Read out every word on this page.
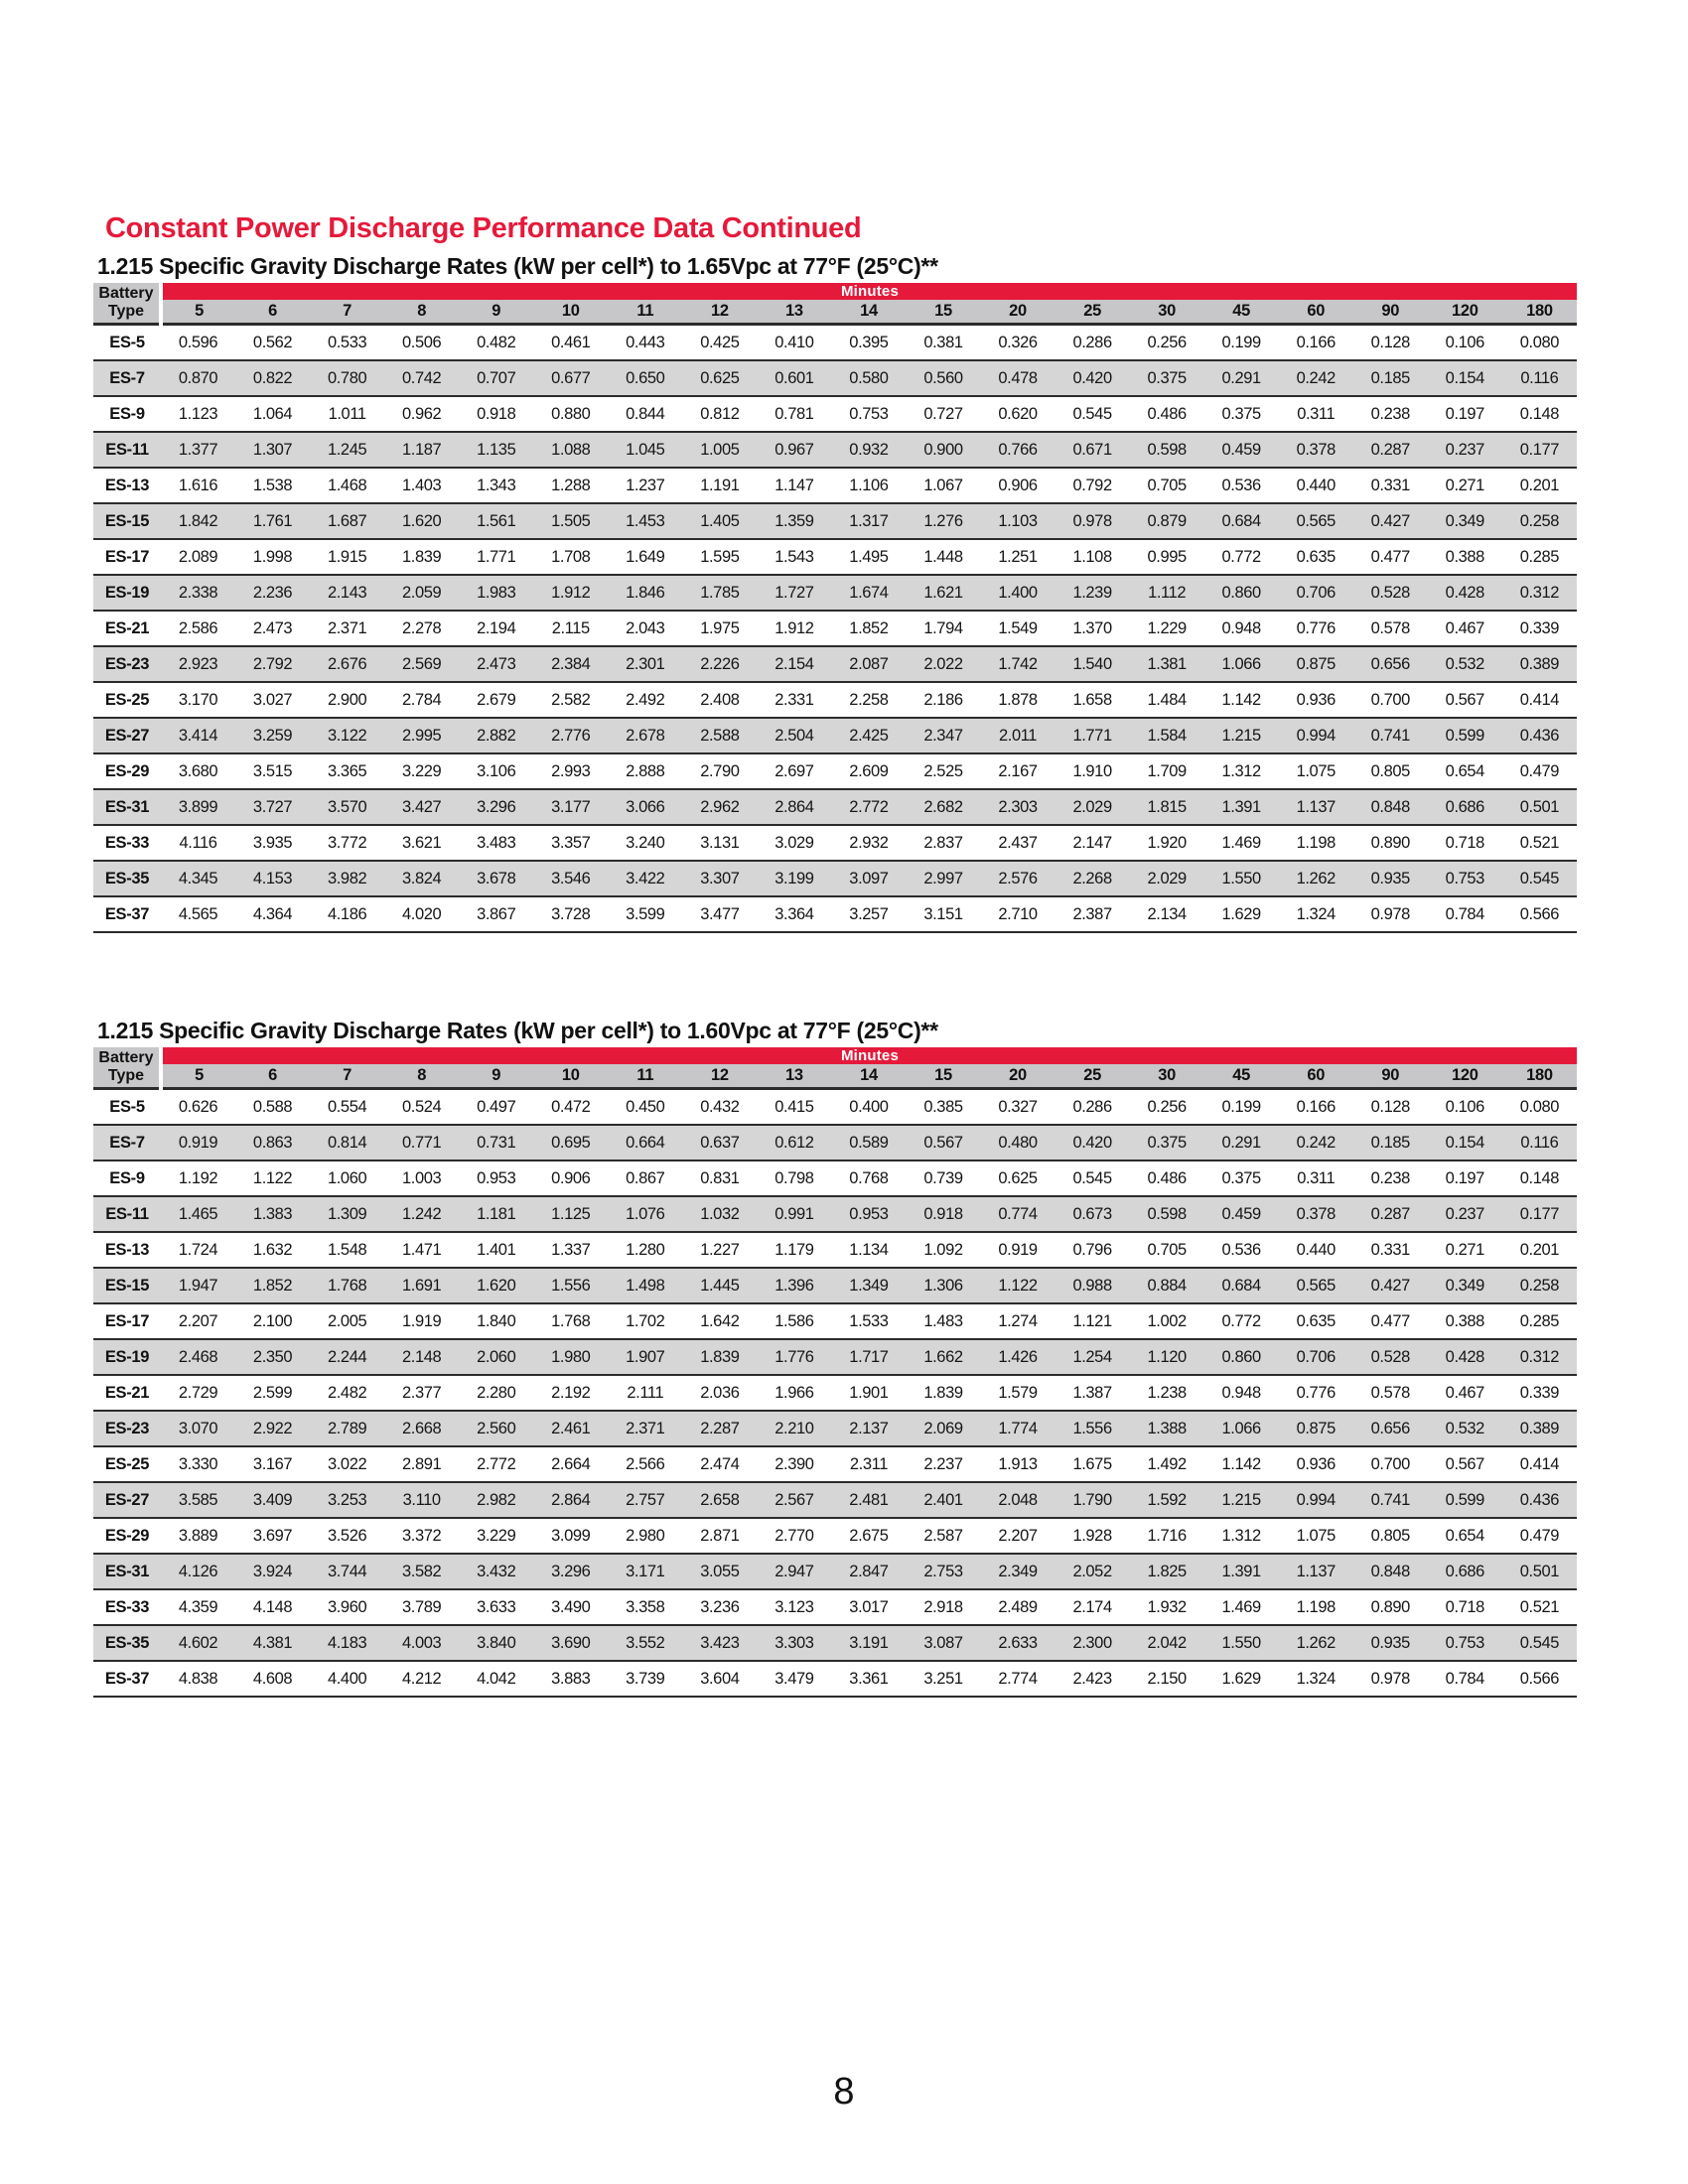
Constant Power Discharge Performance Data Continued
1.215 Specific Gravity Discharge Rates (kW per cell*) to 1.65Vpc at 77°F (25°C)**
Battery
Type	Minutes																		

	5	6	7	8	9	10	11	12	13	14	15	20	25	30	45	60	90	120	180
ES-5	0.596	0.562	0.533	0.506	0.482	0.461	0.443	0.425	0.410	0.395	0.381	0.326	0.286	0.256	0.199	0.166	0.128	0.106	0.080
ES-7	0.870	0.822	0.780	0.742	0.707	0.677	0.650	0.625	0.601	0.580	0.560	0.478	0.420	0.375	0.291	0.242	0.185	0.154	0.116
ES-9	1.123	1.064	1.011	0.962	0.918	0.880	0.844	0.812	0.781	0.753	0.727	0.620	0.545	0.486	0.375	0.311	0.238	0.197	0.148
ES-11	1.377	1.307	1.245	1.187	1.135	1.088	1.045	1.005	0.967	0.932	0.900	0.766	0.671	0.598	0.459	0.378	0.287	0.237	0.177
ES-13	1.616	1.538	1.468	1.403	1.343	1.288	1.237	1.191	1.147	1.106	1.067	0.906	0.792	0.705	0.536	0.440	0.331	0.271	0.201
ES-15	1.842	1.761	1.687	1.620	1.561	1.505	1.453	1.405	1.359	1.317	1.276	1.103	0.978	0.879	0.684	0.565	0.427	0.349	0.258
ES-17	2.089	1.998	1.915	1.839	1.771	1.708	1.649	1.595	1.543	1.495	1.448	1.251	1.108	0.995	0.772	0.635	0.477	0.388	0.285
ES-19	2.338	2.236	2.143	2.059	1.983	1.912	1.846	1.785	1.727	1.674	1.621	1.400	1.239	1.112	0.860	0.706	0.528	0.428	0.312
ES-21	2.586	2.473	2.371	2.278	2.194	2.115	2.043	1.975	1.912	1.852	1.794	1.549	1.370	1.229	0.948	0.776	0.578	0.467	0.339
ES-23	2.923	2.792	2.676	2.569	2.473	2.384	2.301	2.226	2.154	2.087	2.022	1.742	1.540	1.381	1.066	0.875	0.656	0.532	0.389
ES-25	3.170	3.027	2.900	2.784	2.679	2.582	2.492	2.408	2.331	2.258	2.186	1.878	1.658	1.484	1.142	0.936	0.700	0.567	0.414
ES-27	3.414	3.259	3.122	2.995	2.882	2.776	2.678	2.588	2.504	2.425	2.347	2.011	1.771	1.584	1.215	0.994	0.741	0.599	0.436
ES-29	3.680	3.515	3.365	3.229	3.106	2.993	2.888	2.790	2.697	2.609	2.525	2.167	1.910	1.709	1.312	1.075	0.805	0.654	0.479
ES-31	3.899	3.727	3.570	3.427	3.296	3.177	3.066	2.962	2.864	2.772	2.682	2.303	2.029	1.815	1.391	1.137	0.848	0.686	0.501
ES-33	4.116	3.935	3.772	3.621	3.483	3.357	3.240	3.131	3.029	2.932	2.837	2.437	2.147	1.920	1.469	1.198	0.890	0.718	0.521
ES-35	4.345	4.153	3.982	3.824	3.678	3.546	3.422	3.307	3.199	3.097	2.997	2.576	2.268	2.029	1.550	1.262	0.935	0.753	0.545
ES-37	4.565	4.364	4.186	4.020	3.867	3.728	3.599	3.477	3.364	3.257	3.151	2.710	2.387	2.134	1.629	1.324	0.978	0.784	0.566
1.215 Specific Gravity Discharge Rates (kW per cell*) to 1.60Vpc at 77°F (25°C)**
Battery
Type	Minutes																		

	5	6	7	8	9	10	11	12	13	14	15	20	25	30	45	60	90	120	180
ES-5	0.626	0.588	0.554	0.524	0.497	0.472	0.450	0.432	0.415	0.400	0.385	0.327	0.286	0.256	0.199	0.166	0.128	0.106	0.080
ES-7	0.919	0.863	0.814	0.771	0.731	0.695	0.664	0.637	0.612	0.589	0.567	0.480	0.420	0.375	0.291	0.242	0.185	0.154	0.116
ES-9	1.192	1.122	1.060	1.003	0.953	0.906	0.867	0.831	0.798	0.768	0.739	0.625	0.545	0.486	0.375	0.311	0.238	0.197	0.148
ES-11	1.465	1.383	1.309	1.242	1.181	1.125	1.076	1.032	0.991	0.953	0.918	0.774	0.673	0.598	0.459	0.378	0.287	0.237	0.177
ES-13	1.724	1.632	1.548	1.471	1.401	1.337	1.280	1.227	1.179	1.134	1.092	0.919	0.796	0.705	0.536	0.440	0.331	0.271	0.201
ES-15	1.947	1.852	1.768	1.691	1.620	1.556	1.498	1.445	1.396	1.349	1.306	1.122	0.988	0.884	0.684	0.565	0.427	0.349	0.258
ES-17	2.207	2.100	2.005	1.919	1.840	1.768	1.702	1.642	1.586	1.533	1.483	1.274	1.121	1.002	0.772	0.635	0.477	0.388	0.285
ES-19	2.468	2.350	2.244	2.148	2.060	1.980	1.907	1.839	1.776	1.717	1.662	1.426	1.254	1.120	0.860	0.706	0.528	0.428	0.312
ES-21	2.729	2.599	2.482	2.377	2.280	2.192	2.111	2.036	1.966	1.901	1.839	1.579	1.387	1.238	0.948	0.776	0.578	0.467	0.339
ES-23	3.070	2.922	2.789	2.668	2.560	2.461	2.371	2.287	2.210	2.137	2.069	1.774	1.556	1.388	1.066	0.875	0.656	0.532	0.389
ES-25	3.330	3.167	3.022	2.891	2.772	2.664	2.566	2.474	2.390	2.311	2.237	1.913	1.675	1.492	1.142	0.936	0.700	0.567	0.414
ES-27	3.585	3.409	3.253	3.110	2.982	2.864	2.757	2.658	2.567	2.481	2.401	2.048	1.790	1.592	1.215	0.994	0.741	0.599	0.436
ES-29	3.889	3.697	3.526	3.372	3.229	3.099	2.980	2.871	2.770	2.675	2.587	2.207	1.928	1.716	1.312	1.075	0.805	0.654	0.479
ES-31	4.126	3.924	3.744	3.582	3.432	3.296	3.171	3.055	2.947	2.847	2.753	2.349	2.052	1.825	1.391	1.137	0.848	0.686	0.501
ES-33	4.359	4.148	3.960	3.789	3.633	3.490	3.358	3.236	3.123	3.017	2.918	2.489	2.174	1.932	1.469	1.198	0.890	0.718	0.521
ES-35	4.602	4.381	4.183	4.003	3.840	3.690	3.552	3.423	3.303	3.191	3.087	2.633	2.300	2.042	1.550	1.262	0.935	0.753	0.545
ES-37	4.838	4.608	4.400	4.212	4.042	3.883	3.739	3.604	3.479	3.361	3.251	2.774	2.423	2.150	1.629	1.324	0.978	0.784	0.566
8
